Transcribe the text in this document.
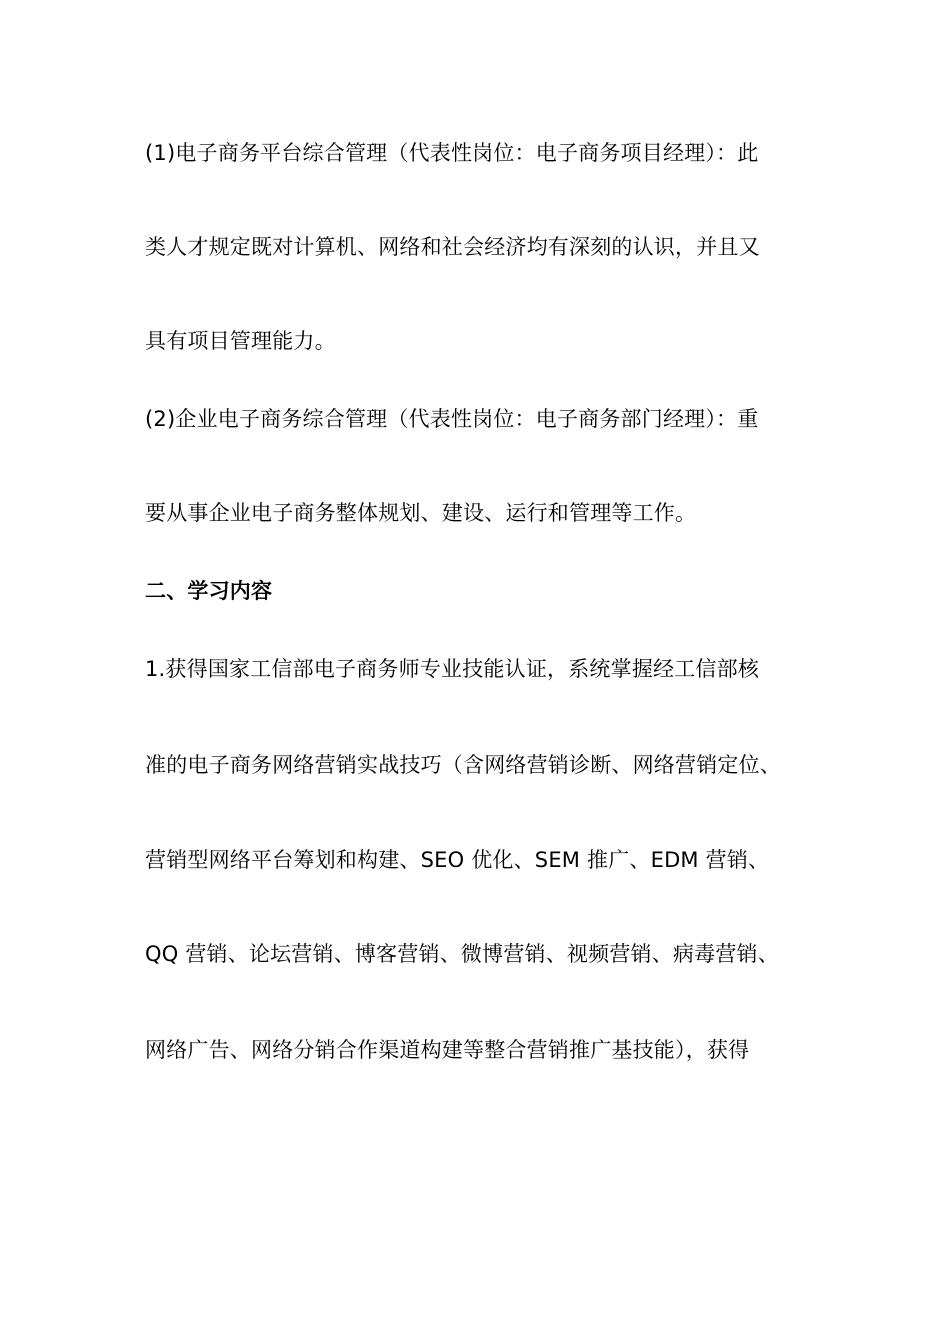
(1)电子商务平台综合管理（代表性岗位：电子商务项目经理）：此
类人才规定既对计算机、网络和社会经济均有深刻的认识，并且又
具有项目管理能力。
(2)企业电子商务综合管理（代表性岗位：电子商务部门经理）：重
要从事企业电子商务整体规划、建设、运行和管理等工作。
二、学习内容
1.获得国家工信部电子商务师专业技能认证，系统掌握经工信部核
准的电子商务网络营销实战技巧（含网络营销诊断、网络营销定位、
营销型网络平台筹划和构建、SEO 优化、SEM 推广、EDM 营销、
QQ 营销、论坛营销、博客营销、微博营销、视频营销、病毒营销、
网络广告、网络分销合作渠道构建等整合营销推广基技能），获得
